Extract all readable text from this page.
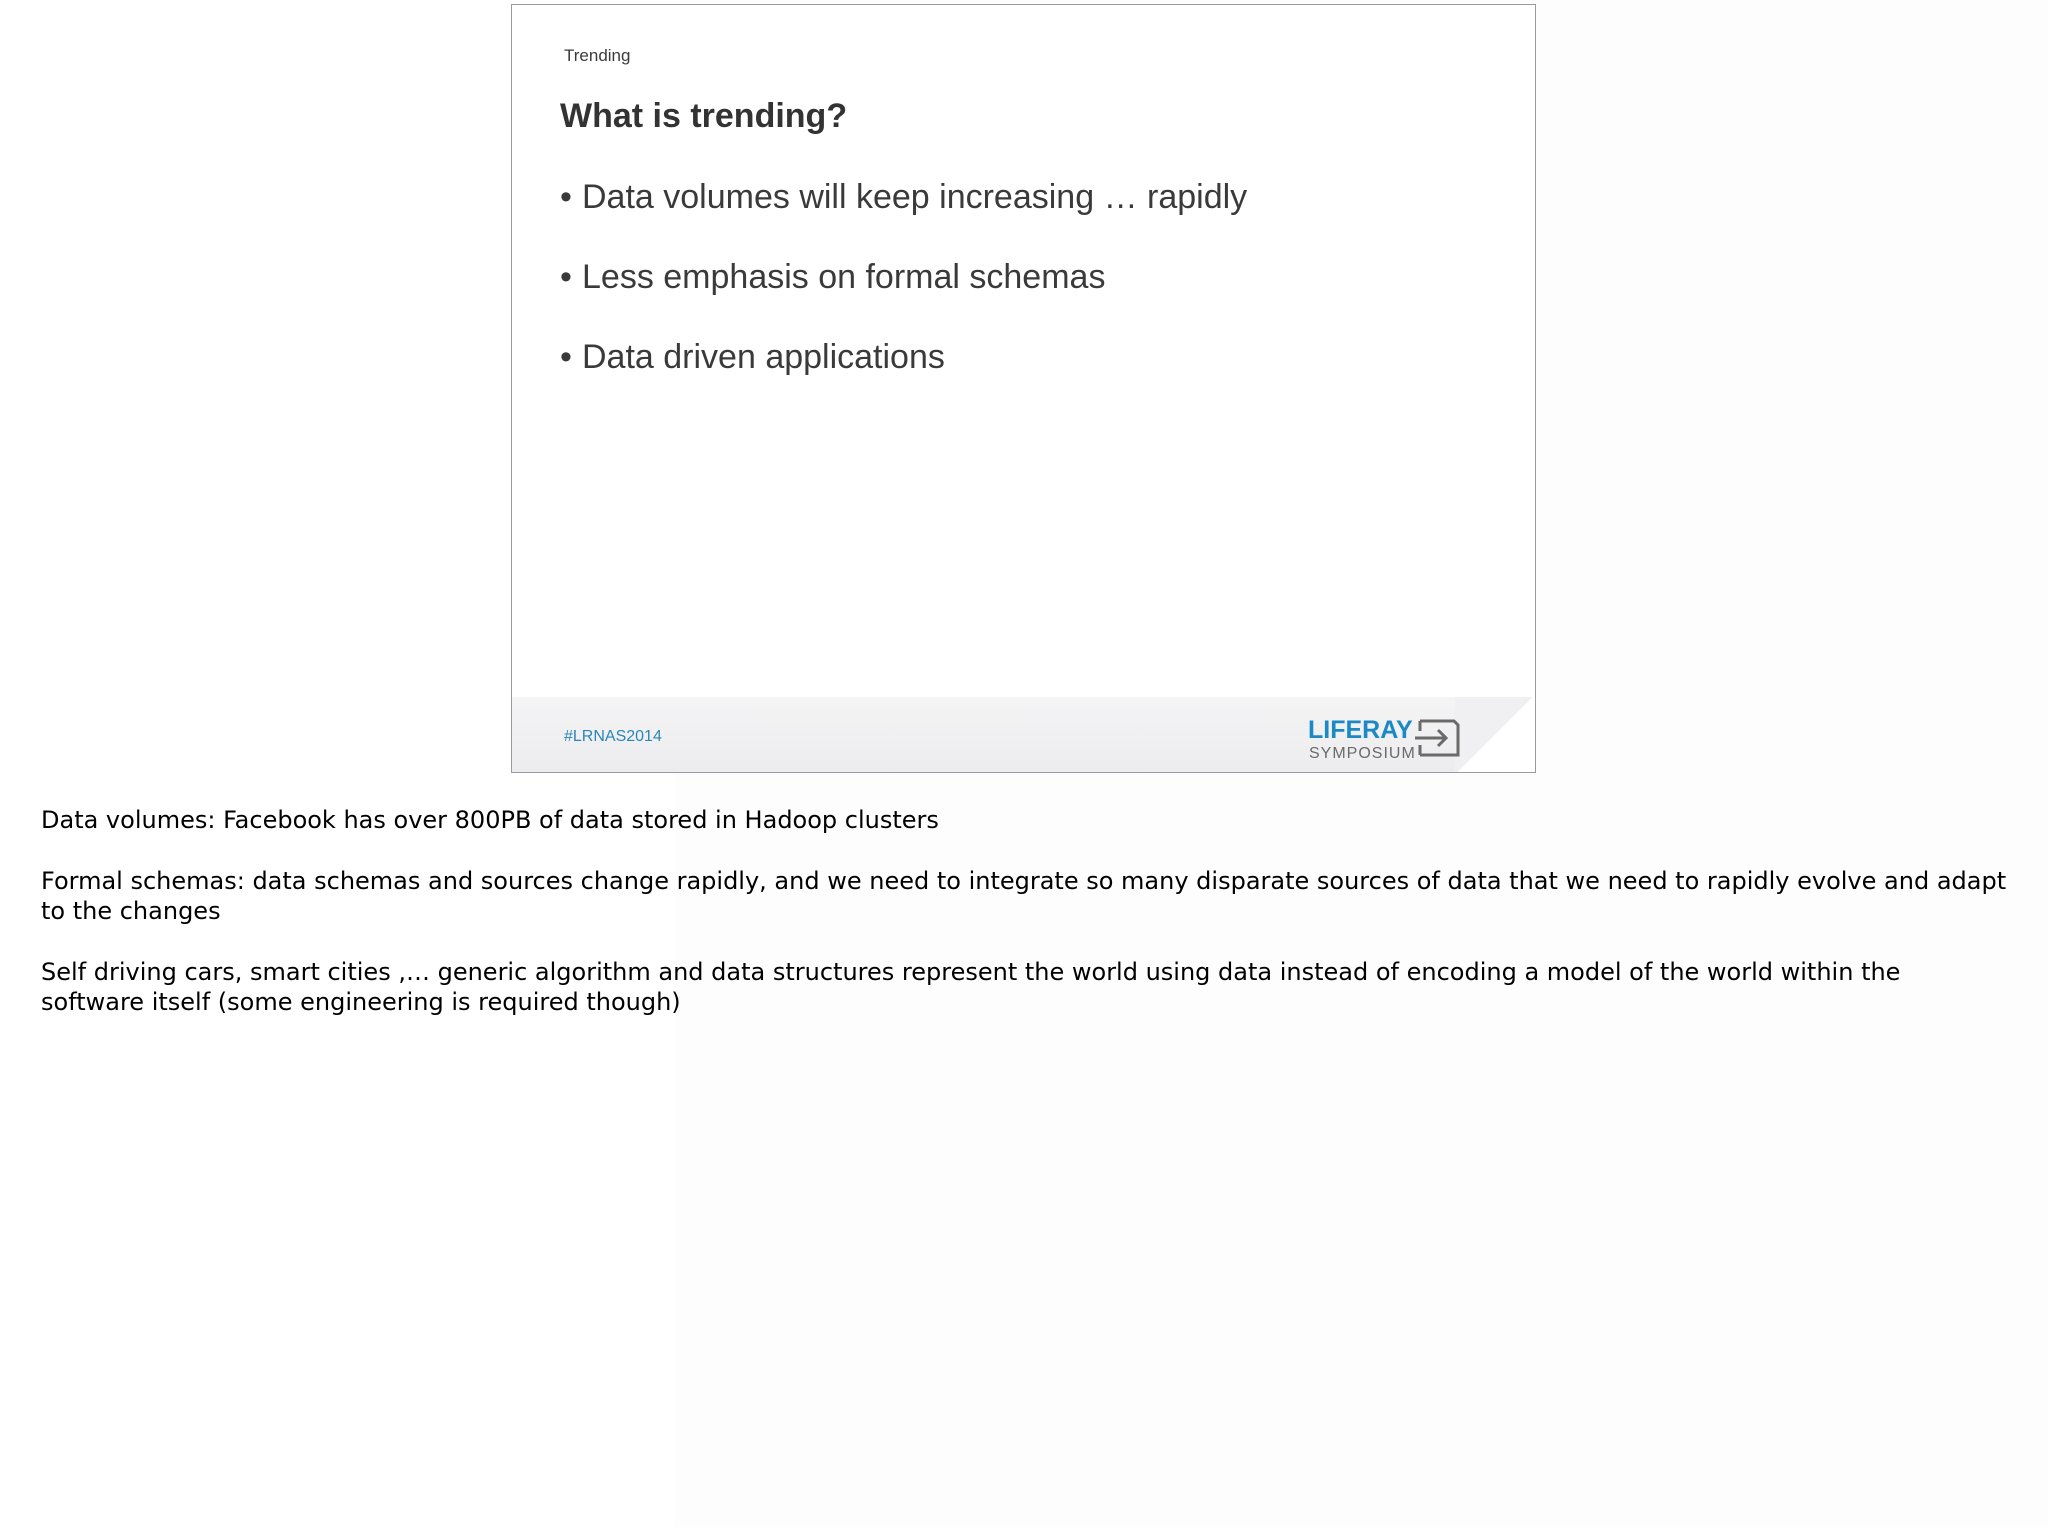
Trending
What is trending?
• Data volumes will keep increasing … rapidly
• Less emphasis on formal schemas
• Data driven applications
#LRNAS2014	LIFERAY
SYMPOSIUM

Data volumes: Facebook has over 800PB of data stored in Hadoop clusters

Formal schemas: data schemas and sources change rapidly, and we need to integrate so many disparate sources of data that we need to rapidly evolve and adapt to the changes

Self driving cars, smart cities ,… generic algorithm and data structures represent the world using data instead of encoding a model of the world within the software itself (some engineering is required though)
